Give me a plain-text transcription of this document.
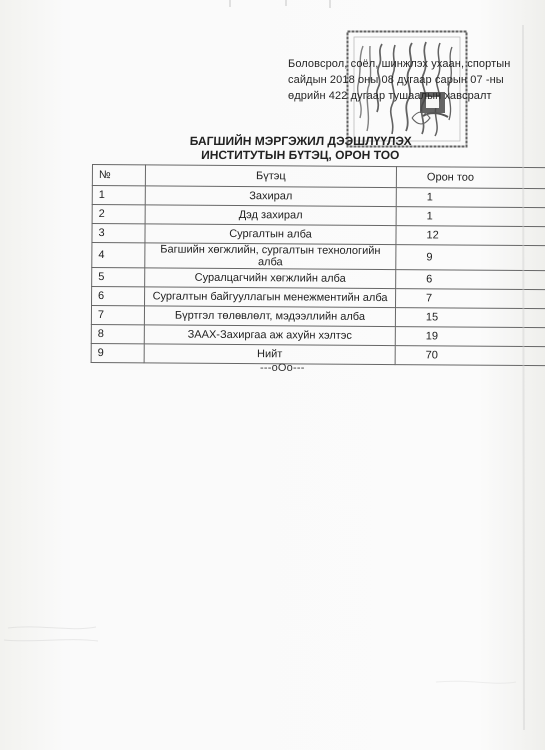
Боловсрол, соёл, шинжлэх ухаан, спортын
сайдын 2018 оны 08 дугаар сарын 07 -ны
өдрийн 422 дугаар тушаалын хавсралт
БАГШИЙН МЭРГЭЖИЛ ДЭЭШЛҮҮЛЭХ
ИНСТИТУТЫН БҮТЭЦ, ОРОН ТОО
№	Бүтэц	Орон тоо
1	Захирал	1
2	Дэд захирал	1
3	Сургалтын алба	12
4	Багшийн хөгжлийн, сургалтын технологийн алба	9
5	Суралцагчийн хөгжлийн алба	6
6	Сургалтын байгууллагын менежментийн алба	7
7	Бүртгэл төлөвлөлт, мэдээллийн алба	15
8	ЗААХ-Захиргаа аж ахуйн хэлтэс	19
9	Нийт	70
---oOo---
